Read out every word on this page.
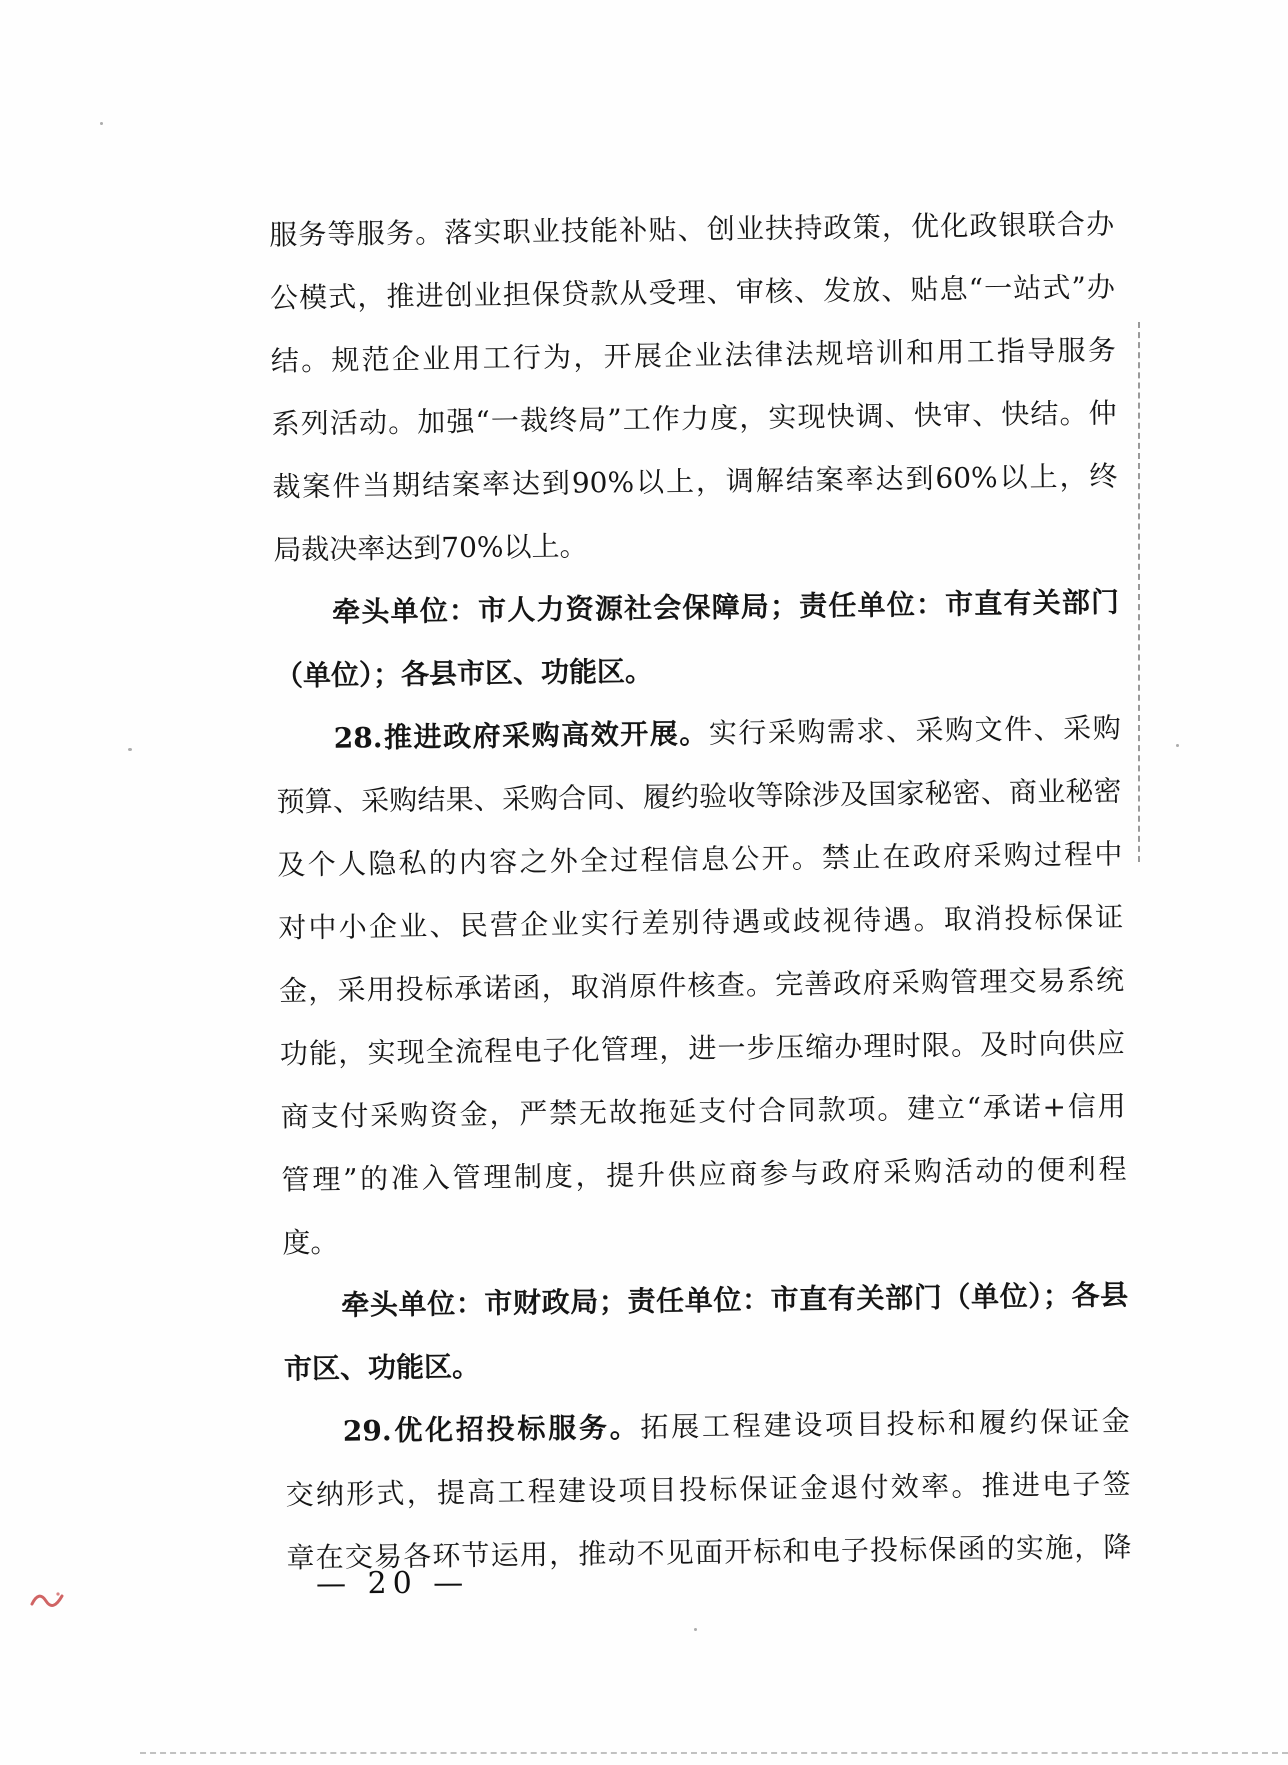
服务等服务。落实职业技能补贴、创业扶持政策，优化政银联合办
公模式，推进创业担保贷款从受理、审核、发放、贴息“一站式”办
结。规范企业用工行为，开展企业法律法规培训和用工指导服务
系列活动。加强“一裁终局”工作力度，实现快调、快审、快结。仲
裁案件当期结案率达到90%以上，调解结案率达到60%以上，终
局裁决率达到70%以上。
牵头单位：市人力资源社会保障局；责任单位：市直有关部门
（单位）；各县市区、功能区。
28.推进政府采购高效开展。实行采购需求、采购文件、采购
预算、采购结果、采购合同、履约验收等除涉及国家秘密、商业秘密
及个人隐私的内容之外全过程信息公开。禁止在政府采购过程中
对中小企业、民营企业实行差别待遇或歧视待遇。取消投标保证
金，采用投标承诺函，取消原件核查。完善政府采购管理交易系统
功能，实现全流程电子化管理，进一步压缩办理时限。及时向供应
商支付采购资金，严禁无故拖延支付合同款项。建立“承诺+信用
管理”的准入管理制度，提升供应商参与政府采购活动的便利程
度。
牵头单位：市财政局；责任单位：市直有关部门（单位）；各县
市区、功能区。
29.优化招投标服务。拓展工程建设项目投标和履约保证金
交纳形式，提高工程建设项目投标保证金退付效率。推进电子签
章在交易各环节运用，推动不见面开标和电子投标保函的实施，降
— 20 —
